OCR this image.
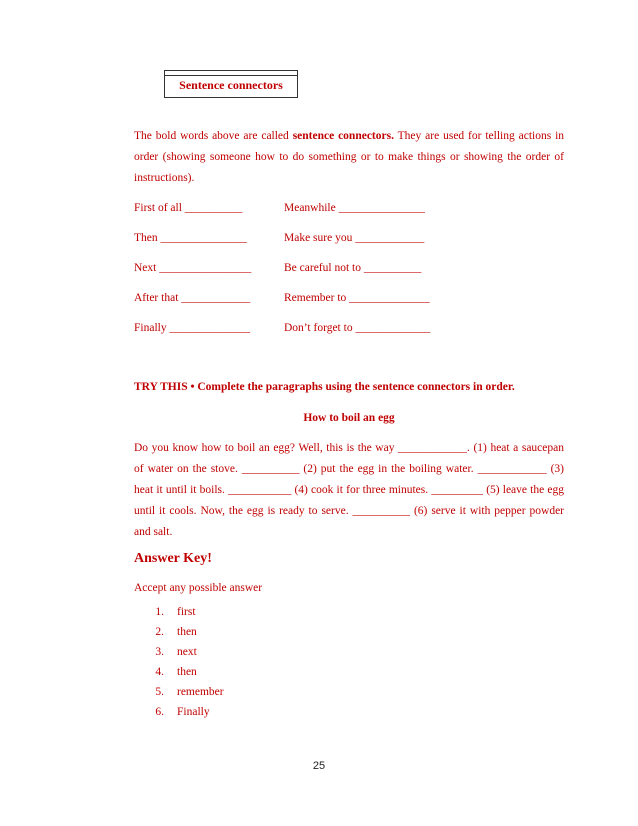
Sentence connectors
The bold words above are called sentence connectors. They are used for telling actions in order (showing someone how to do something or to make things or showing the order of instructions).
First of all __________	Meanwhile _______________
Then _______________	Make sure you ____________
Next ________________	Be careful not to __________
After that ____________	Remember to ______________
Finally ______________	Don’t forget to _____________
TRY THIS • Complete the paragraphs using the sentence connectors in order.
How to boil an egg
Do you know how to boil an egg? Well, this is the way ____________. (1) heat a saucepan of water on the stove. __________ (2) put the egg in the boiling water. ____________ (3) heat it until it boils. ___________ (4) cook it for three minutes. _________ (5) leave the egg until it cools. Now, the egg is ready to serve. __________ (6) serve it with pepper powder and salt.
Answer Key!
Accept any possible answer
1. first
2. then
3. next
4. then
5. remember
6. Finally
25
